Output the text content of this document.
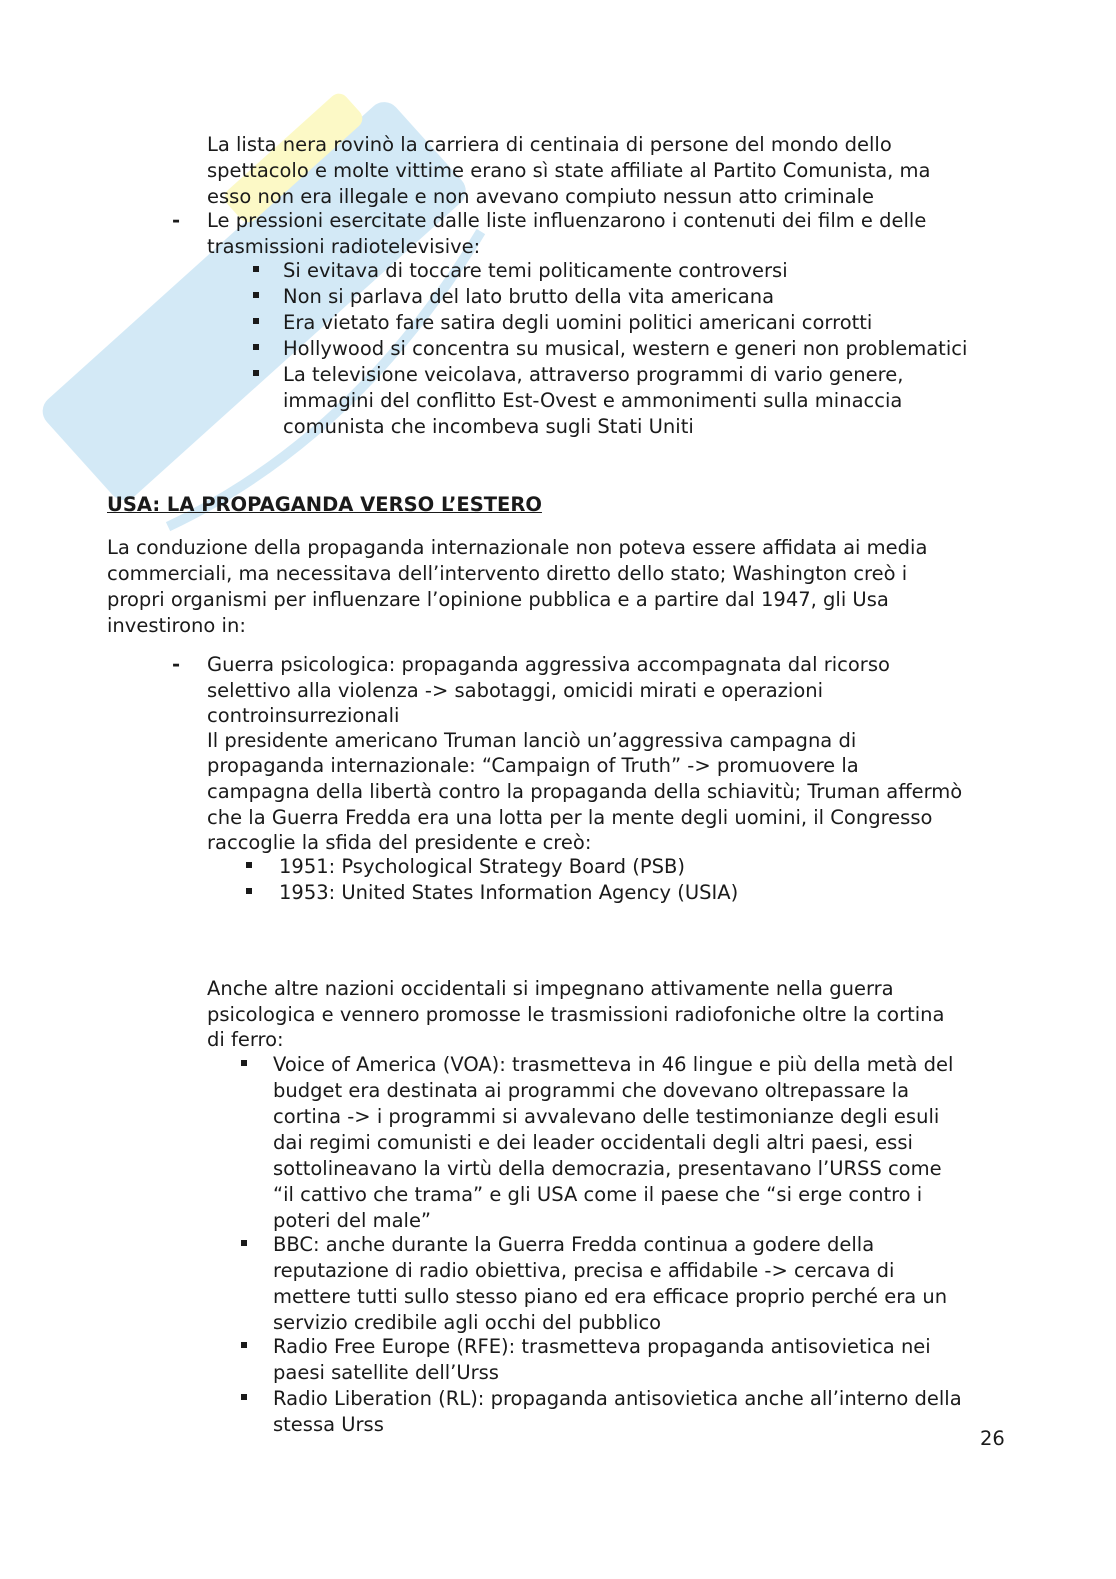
La lista nera rovinò la carriera di centinaia di persone del mondo dello
spettacolo e molte vittime erano sì state affiliate al Partito Comunista, ma
esso non era illegale e non avevano compiuto nessun atto criminale
- Le pressioni esercitate dalle liste influenzarono i contenuti dei film e delle
trasmissioni radiotelevisive:
Si evitava di toccare temi politicamente controversi
Non si parlava del lato brutto della vita americana
Era vietato fare satira degli uomini politici americani corrotti
Hollywood si concentra su musical, western e generi non problematici
La televisione veicolava, attraverso programmi di vario genere,
immagini del conflitto Est-Ovest e ammonimenti sulla minaccia
comunista che incombeva sugli Stati Uniti
USA: LA PROPAGANDA VERSO L’ESTERO
La conduzione della propaganda internazionale non poteva essere affidata ai media
commerciali, ma necessitava dell’intervento diretto dello stato; Washington creò i
propri organismi per influenzare l’opinione pubblica e a partire dal 1947, gli Usa
investirono in:
- Guerra psicologica: propaganda aggressiva accompagnata dal ricorso
selettivo alla violenza -> sabotaggi, omicidi mirati e operazioni
controinsurrezionali
Il presidente americano Truman lanciò un’aggressiva campagna di
propaganda internazionale: “Campaign of Truth” -> promuovere la
campagna della libertà contro la propaganda della schiavitù; Truman affermò
che la Guerra Fredda era una lotta per la mente degli uomini, il Congresso
raccoglie la sfida del presidente e creò:
1951: Psychological Strategy Board (PSB)
1953: United States Information Agency (USIA)
Anche altre nazioni occidentali si impegnano attivamente nella guerra
psicologica e vennero promosse le trasmissioni radiofoniche oltre la cortina
di ferro:
Voice of America (VOA): trasmetteva in 46 lingue e più della metà del
budget era destinata ai programmi che dovevano oltrepassare la
cortina -> i programmi si avvalevano delle testimonianze degli esuli
dai regimi comunisti e dei leader occidentali degli altri paesi, essi
sottolineavano la virtù della democrazia, presentavano l’URSS come
“il cattivo che trama” e gli USA come il paese che “si erge contro i
poteri del male”
BBC: anche durante la Guerra Fredda continua a godere della
reputazione di radio obiettiva, precisa e affidabile -> cercava di
mettere tutti sullo stesso piano ed era efficace proprio perché era un
servizio credibile agli occhi del pubblico
Radio Free Europe (RFE): trasmetteva propaganda antisovietica nei
paesi satellite dell’Urss
Radio Liberation (RL): propaganda antisovietica anche all’interno della
stessa Urss
26
